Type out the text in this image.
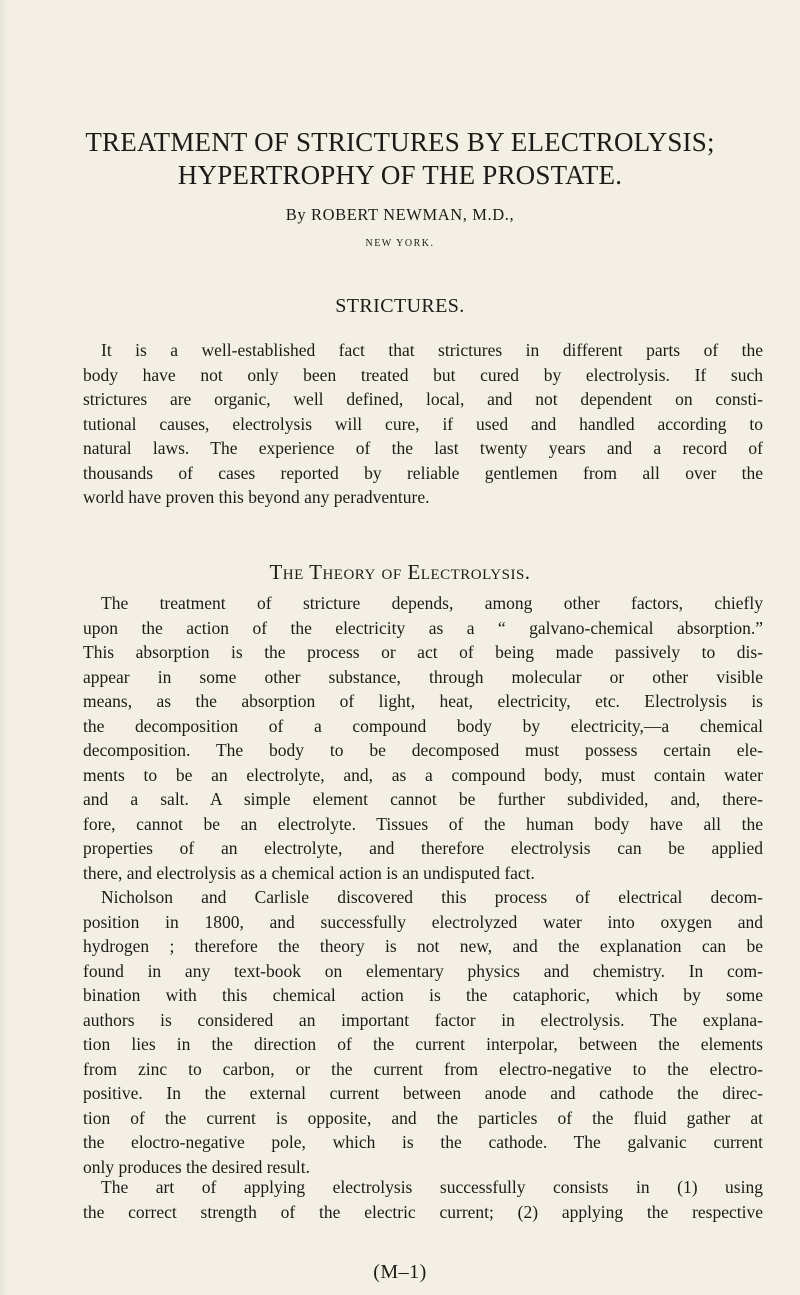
TREATMENT OF STRICTURES BY ELECTROLYSIS;
HYPERTROPHY OF THE PROSTATE.
By ROBERT NEWMAN, M.D.,
NEW YORK.
STRICTURES.
It is a well-established fact that strictures in different parts of the
body have not only been treated but cured by electrolysis. If such
strictures are organic, well defined, local, and not dependent on consti-
tutional causes, electrolysis will cure, if used and handled according to
natural laws. The experience of the last twenty years and a record of
thousands of cases reported by reliable gentlemen from all over the
world have proven this beyond any peradventure.
The Theory of Electrolysis.
The treatment of stricture depends, among other factors, chiefly
upon the action of the electricity as a “ galvano-chemical absorption.”
This absorption is the process or act of being made passively to dis-
appear in some other substance, through molecular or other visible
means, as the absorption of light, heat, electricity, etc. Electrolysis is
the decomposition of a compound body by electricity,—a chemical
decomposition. The body to be decomposed must possess certain ele-
ments to be an electrolyte, and, as a compound body, must contain water
and a salt. A simple element cannot be further subdivided, and, there-
fore, cannot be an electrolyte. Tissues of the human body have all the
properties of an electrolyte, and therefore electrolysis can be applied
there, and electrolysis as a chemical action is an undisputed fact.
Nicholson and Carlisle discovered this process of electrical decom-
position in 1800, and successfully electrolyzed water into oxygen and
hydrogen ; therefore the theory is not new, and the explanation can be
found in any text-book on elementary physics and chemistry. In com-
bination with this chemical action is the cataphoric, which by some
authors is considered an important factor in electrolysis. The explana-
tion lies in the direction of the current interpolar, between the elements
from zinc to carbon, or the current from electro-negative to the electro-
positive. In the external current between anode and cathode the direc-
tion of the current is opposite, and the particles of the fluid gather at
the eloctro-negative pole, which is the cathode. The galvanic current
only produces the desired result.
The art of applying electrolysis successfully consists in (1) using
the correct strength of the electric current; (2) applying the respective
(M–1)
